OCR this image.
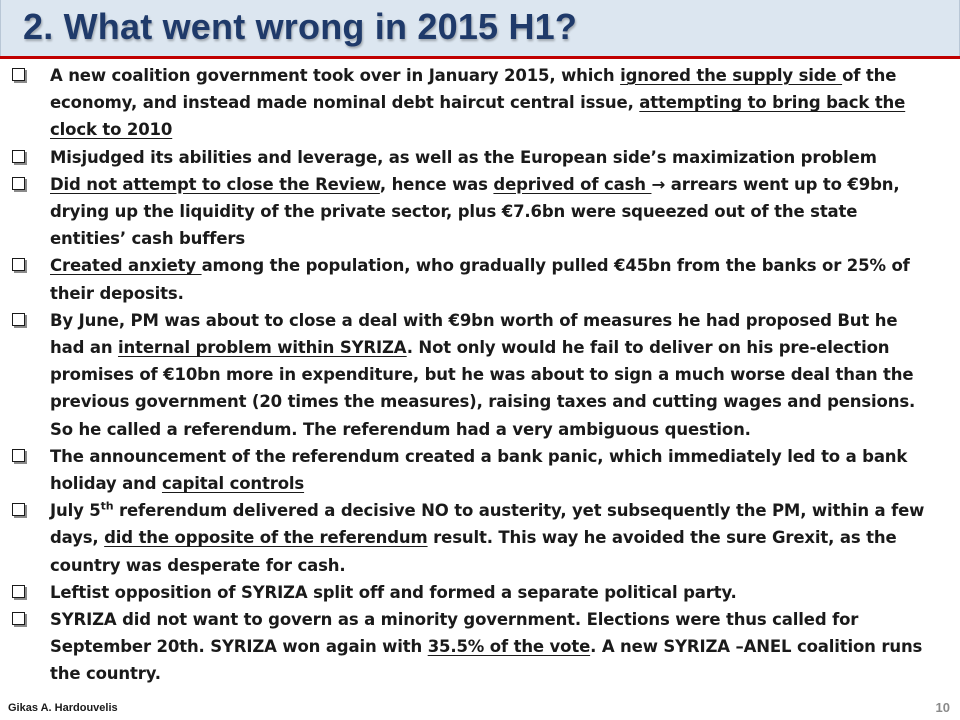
2. What went wrong in 2015 H1?
A new coalition government took over in January 2015, which ignored the supply side of the economy, and instead made nominal debt haircut central issue, attempting to bring back the clock to 2010
Misjudged its abilities and leverage, as well as the European side’s maximization problem
Did not attempt to close the Review, hence was deprived of cash → arrears went up to €9bn, drying up the liquidity of the private sector, plus €7.6bn were squeezed out of the state entities’ cash buffers
Created anxiety among the population, who gradually pulled €45bn from the banks or 25% of their deposits.
By June, PM was about to close a deal with €9bn worth of measures he had proposed But he had an internal problem within SYRIZA. Not only would he fail to deliver on his pre-election promises of €10bn more in expenditure, but he was about to sign a much worse deal than the previous government (20 times the measures), raising taxes and cutting wages and pensions. So he called a referendum. The referendum had a very ambiguous question.
The announcement of the referendum created a bank panic, which immediately led to a bank holiday and capital controls
July 5th referendum delivered a decisive NO to austerity, yet subsequently the PM, within a few days, did the opposite of the referendum result. This way he avoided the sure Grexit, as the country was desperate for cash.
Leftist opposition of SYRIZA split off and formed a separate political party.
SYRIZA did not want to govern as a minority government. Elections were thus called for September 20th. SYRIZA won again with 35.5% of the vote. A new SYRIZA –ANEL coalition runs the country.
Gikas A. Hardouvelis	10
